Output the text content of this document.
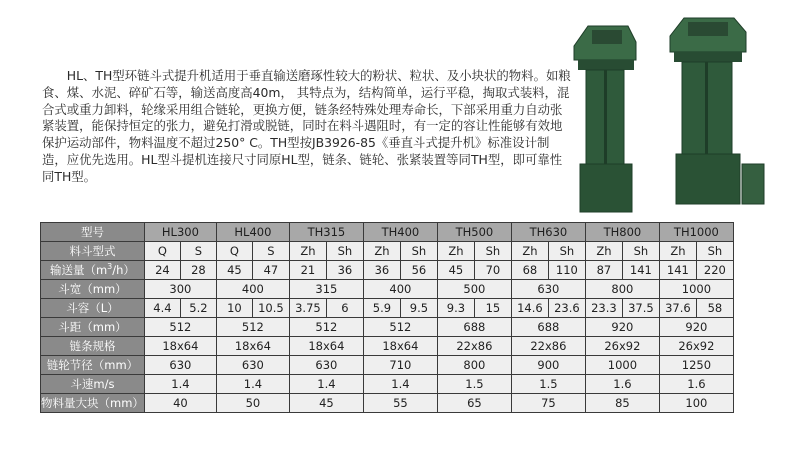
HL、TH型环链斗式提升机适用于垂直输送磨琢性较大的粉状、粒状、及小块状的物料。如粮食、煤、水泥、碎矿石等，输送高度高40m， 其特点为，结构简单，运行平稳，掏取式装料，混合式或重力卸料，轮缘采用组合链轮，更换方便，链条经特殊处理寿命长，下部采用重力自动张紧装置，能保持恒定的张力，避免打滑或脱链，同时在料斗遇阻时，有一定的容让性能够有效地保护运动部件，物料温度不超过250° C。TH型按JB3926-85《垂直斗式提升机》标准设计制造，应优先选用。HL型斗提机连接尺寸同原HL型，链条、链轮、张紧装置等同TH型，即可靠性同TH型。

型号	HL300		HL400		TH315		TH400		TH500		TH630		TH800		TH1000	
料斗型式	Q	S	Q	S	Zh	Sh	Zh	Sh	Zh	Sh	Zh	Sh	Zh	Sh	Zh	Sh
输送量$(m^3/h)$	24	28	45	47	21	36	36	56	45	70	68	110	87	141	141	220
斗宽（mm）	300		400		315		400		500		630		800		1000	
斗容（L）	4.4	5.2	10	10.5	3.75	6	5.9	9.5	9.3	15	14.6	23.6	23.3	37.5	37.6	58
斗距（mm）	512		512		512		512		688		688		920		920	
链条规格	18x64		18x64		18x64		18x64		22x86		22x86		26x92		26x92	
链轮节径（mm）	630		630		630		710		800		900		1000		1250	
斗速m/s	1.4		1.4		1.4		1.4		1.5		1.5		1.6		1.6	
物料量大块（mm）	40		50		45		55		65		75		85		100	
